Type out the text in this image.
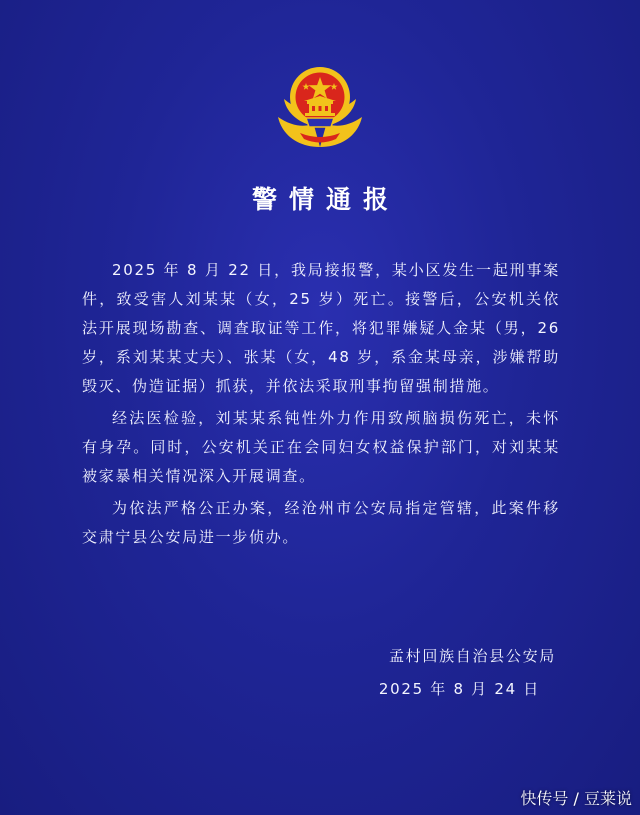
警情通报

2025 年 8 月 22 日，我局接报警，某小区发生一起刑事案件，致受害人刘某某（女，25 岁）死亡。接警后，公安机关依法开展现场勘查、调查取证等工作，将犯罪嫌疑人金某（男，26 岁，系刘某某丈夫）、张某（女，48 岁，系金某母亲，涉嫌帮助毁灭、伪造证据）抓获，并依法采取刑事拘留强制措施。

经法医检验，刘某某系钝性外力作用致颅脑损伤死亡，未怀有身孕。同时，公安机关正在会同妇女权益保护部门，对刘某某被家暴相关情况深入开展调查。

为依法严格公正办案，经沧州市公安局指定管辖，此案件移交肃宁县公安局进一步侦办。

孟村回族自治县公安局

2025 年 8 月 24 日

快传号 / 豆莱说
